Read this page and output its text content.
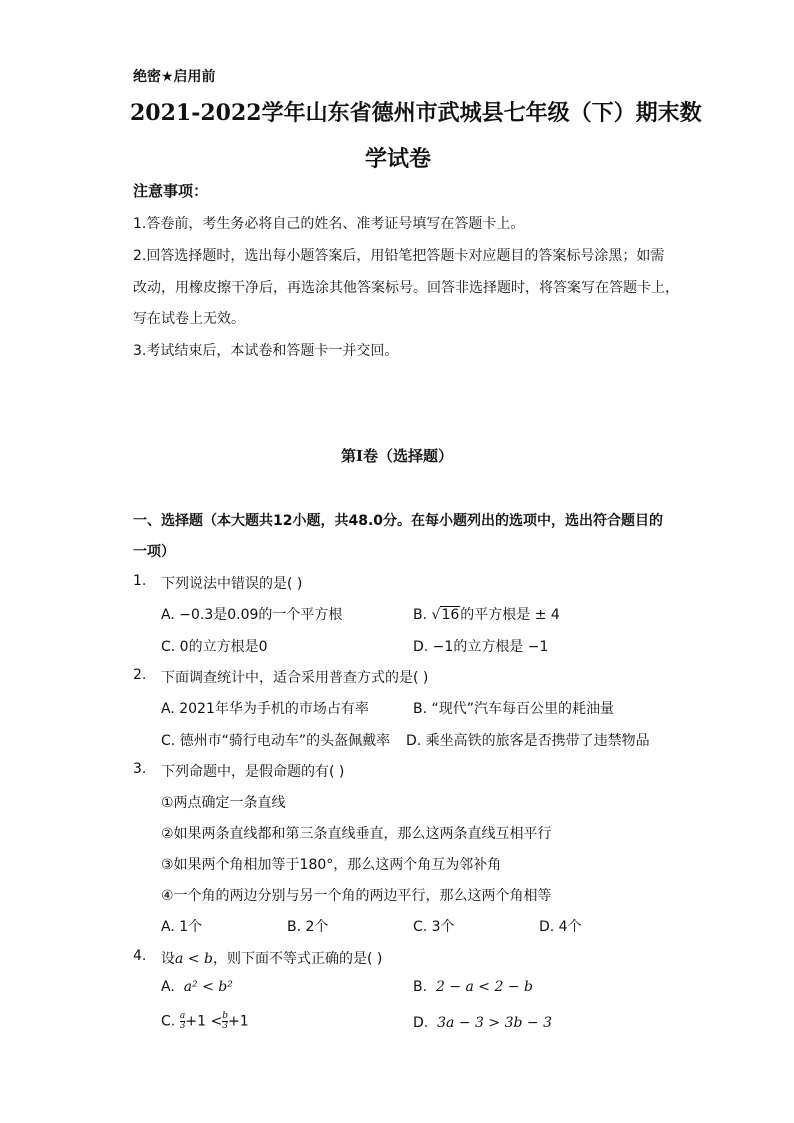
绝密★启用前
2021-2022学年山东省德州市武城县七年级（下）期末数
学试卷
注意事项：
1.答卷前，考生务必将自己的姓名、准考证号填写在答题卡上。
2.回答选择题时，选出每小题答案后，用铅笔把答题卡对应题目的答案标号涂黑；如需
改动，用橡皮擦干净后，再选涂其他答案标号。回答非选择题时，将答案写在答题卡上，
写在试卷上无效。
3.考试结束后，本试卷和答题卡一并交回。
第I卷（选择题）
一、选择题（本大题共12小题，共48.0分。在每小题列出的选项中，选出符合题目的
一项）
1. 下列说法中错误的是( )
A. −0.3是0.09的一个平方根	B. √16的平方根是 ± 4
C. 0的立方根是0	D. −1的立方根是 −1
2. 下面调查统计中，适合采用普查方式的是( )
A. 2021年华为手机的市场占有率	B. “现代”汽车每百公里的耗油量
C. 德州市“骑行电动车”的头盔佩戴率 D. 乘坐高铁的旅客是否携带了违禁物品
3. 下列命题中，是假命题的有( )
①两点确定一条直线
②如果两条直线都和第三条直线垂直，那么这两条直线互相平行
③如果两个角相加等于180°，那么这两个角互为邻补角
④一个角的两边分别与另一个角的两边平行，那么这两个角相等
A. 1个	B. 2个	C. 3个	D. 4个
4. 设a < b，则下面不等式正确的是( )
A. a² < b²	B. 2 − a < 2 − b
C. $\frac{a}{3} +1 < \frac{b}{3} +1$	D. 3a − 3 > 3b − 3
